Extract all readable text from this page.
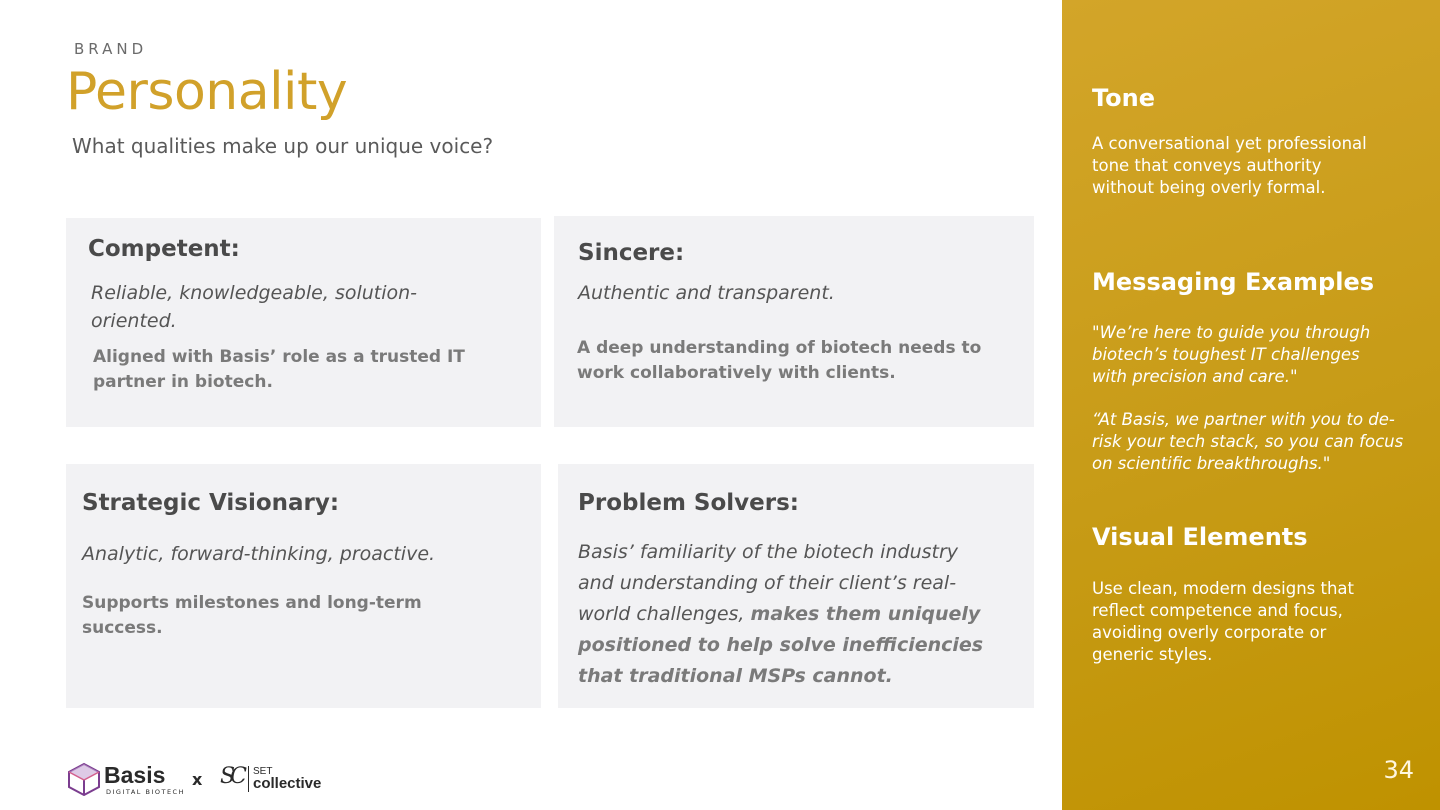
BRAND
Personality
What qualities make up our unique voice?
Competent:
Reliable, knowledgeable, solution-oriented.
Aligned with Basis’ role as a trusted IT partner in biotech.
Sincere:
Authentic and transparent.
A deep understanding of biotech needs to work collaboratively with clients.
Strategic Visionary:
Analytic, forward-thinking, proactive.
Supports milestones and long-term success.
Problem Solvers:
Basis’ familiarity of the biotech industry and understanding of their client’s real-world challenges, makes them uniquely positioned to help solve inefficiencies that traditional MSPs cannot.
Tone

A conversational yet professional tone that conveys authority without being overly formal.

Messaging Examples

"We’re here to guide you through biotech’s toughest IT challenges with precision and care."

“At Basis, we partner with you to de-risk your tech stack, so you can focus on scientific breakthroughs."

Visual Elements

Use clean, modern designs that reflect competence and focus, avoiding overly corporate or generic styles.

34
Basis
DIGITAL BIOTECH
x SC SET
collective
